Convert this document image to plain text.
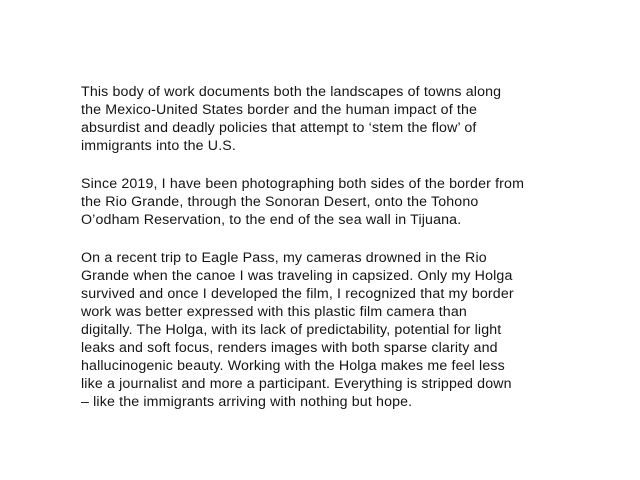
This body of work documents both the landscapes of towns along
the Mexico-United States border and the human impact of the
absurdist and deadly policies that attempt to ‘stem the flow’ of
immigrants into the U.S.
Since 2019, I have been photographing both sides of the border from
the Rio Grande, through the Sonoran Desert, onto the Tohono
O’odham Reservation, to the end of the sea wall in Tijuana.
On a recent trip to Eagle Pass, my cameras drowned in the Rio
Grande when the canoe I was traveling in capsized. Only my Holga
survived and once I developed the film, I recognized that my border
work was better expressed with this plastic film camera than
digitally. The Holga, with its lack of predictability, potential for light
leaks and soft focus, renders images with both sparse clarity and
hallucinogenic beauty. Working with the Holga makes me feel less
like a journalist and more a participant. Everything is stripped down
– like the immigrants arriving with nothing but hope.
